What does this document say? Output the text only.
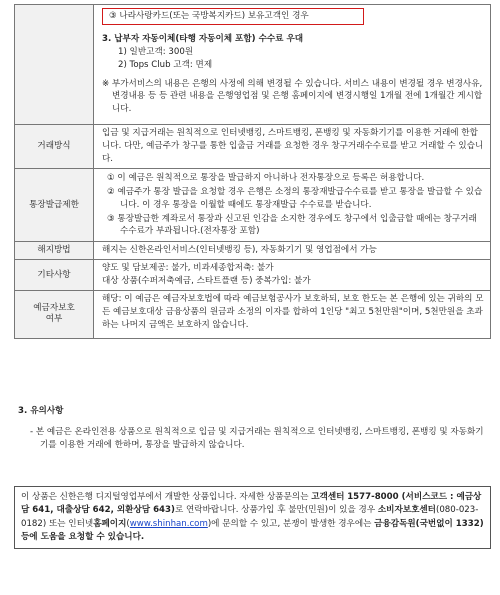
	③ 나라사랑카드(또는 국방복지카드) 보유고객인 경우
3. 납부자 자동이체(타행 자동이체 포함) 수수료 우대
1) 일반고객: 300원
2) Tops Club 고객: 면제
※ 부가서비스의 내용은 은행의 사정에 의해 변경될 수 있습니다. 서비스 내용이 변경될 경우 변경사유, 변경내용 등 등 관련 내용을 은행영업점 및 은행 홈페이지에 변경시행일 1개월 전에 1개월간 게시합니다.

거래방식	입금 및 지급거래는 원칙적으로 인터넷뱅킹, 스마트뱅킹, 폰뱅킹 및 자동화기기를 이용한 거래에 한합니다. 다만, 예금주가 창구를 통한 입출금 거래를 요청한 경우 창구거래수수료를 받고 거래할 수 있습니다.
통장발급제한	① 이 예금은 원칙적으로 통장을 발급하지 아니하나 전자통장으로 등록은 허용합니다.
② 예금주가 통장 발급을 요청할 경우 은행은 소정의 통장재발급수수료를 받고 통장을 발급할 수 있습니다. 이 경우 통장을 이월할 때에도 통장재발급 수수료를 받습니다.
③ 통장발급한 계좌로서 통장과 신고된 인감을 소지한 경우에도 창구에서 입출금할 때에는 창구거래수수료가 부과됩니다.(전자통장 포함)

해지방법	해지는 신한온라인서비스(인터넷뱅킹 등), 자동화기기 및 영업점에서 가능
기타사항	양도 및 담보제공: 불가, 비과세종합저축: 불가
대상 상품(수퍼저축예금, 스타트플랜 등) 중복가입: 불가

예금자보호
여부	해당: 이 예금은 예금자보호법에 따라 예금보험공사가 보호하되, 보호 한도는 본 은행에 있는 귀하의 모든 예금보호대상 금융상품의 원금과 소정의 이자를 합하여 1인당 "최고 5천만원"이며, 5천만원을 초과하는 나머지 금액은 보호하지 않습니다.
3. 유의사항
- 본 예금은 온라인전용 상품으로 원칙적으로 입금 및 지급거래는 원칙적으로 인터넷뱅킹, 스마트뱅킹, 폰뱅킹 및 자동화기기를 이용한 거래에 한하며, 통장을 발급하지 않습니다.
이 상품은 신한은행 디지털영업부에서 개발한 상품입니다. 자세한 상품문의는 고객센터 1577-8000 (서비스코드 : 예금상담 641, 대출상담 642, 외환상담 643)로 연락바랍니다. 상품가입 후 불만(민원)이 있을 경우 소비자보호센터(080-023-0182) 또는 인터넷홈페이지(www.shinhan.com)에 문의할 수 있고, 분쟁이 발생한 경우에는 금융감독원(국번없이 1332) 등에 도움을 요청할 수 있습니다.
